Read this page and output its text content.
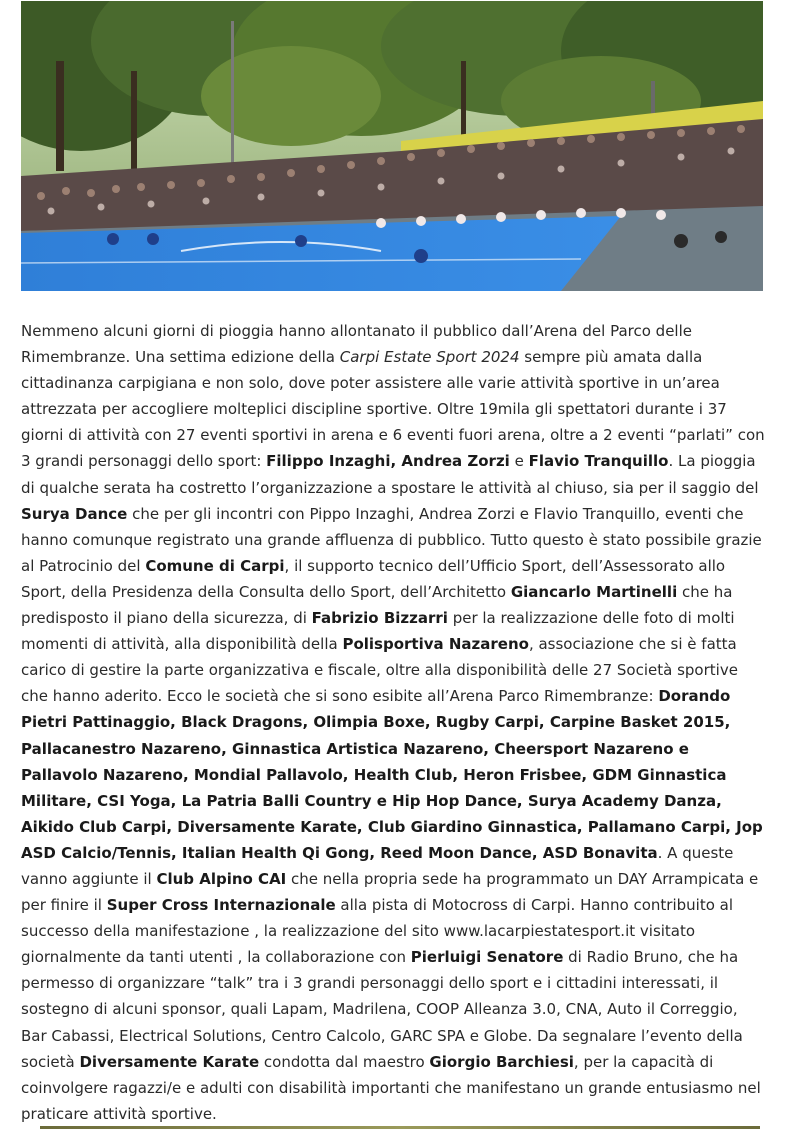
Nemmeno alcuni giorni di pioggia hanno allontanato il pubblico dall’Arena del Parco delle Rimembranze. Una settima edizione della Carpi Estate Sport 2024 sempre più amata dalla cittadinanza carpigiana e non solo, dove poter assistere alle varie attività sportive in un’area attrezzata per accogliere molteplici discipline sportive. Oltre 19mila gli spettatori durante i 37 giorni di attività con 27 eventi sportivi in arena e 6 eventi fuori arena, oltre a 2 eventi “parlati” con 3 grandi personaggi dello sport: Filippo Inzaghi, Andrea Zorzi e Flavio Tranquillo. La pioggia di qualche serata ha costretto l’organizzazione a spostare le attività al chiuso, sia per il saggio del Surya Dance che per gli incontri con Pippo Inzaghi, Andrea Zorzi e Flavio Tranquillo, eventi che hanno comunque registrato una grande affluenza di pubblico. Tutto questo è stato possibile grazie al Patrocinio del Comune di Carpi, il supporto tecnico dell’Ufficio Sport, dell’Assessorato allo Sport, della Presidenza della Consulta dello Sport, dell’Architetto Giancarlo Martinelli che ha predisposto il piano della sicurezza, di Fabrizio Bizzarri per la realizzazione delle foto di molti momenti di attività, alla disponibilità della Polisportiva Nazareno, associazione che si è fatta carico di gestire la parte organizzativa e fiscale, oltre alla disponibilità delle 27 Società sportive che hanno aderito. Ecco le società che si sono esibite all’Arena Parco Rimembranze: Dorando Pietri Pattinaggio, Black Dragons, Olimpia Boxe, Rugby Carpi, Carpine Basket 2015, Pallacanestro Nazareno, Ginnastica Artistica Nazareno, Cheersport Nazareno e Pallavolo Nazareno, Mondial Pallavolo, Health Club, Heron Frisbee, GDM Ginnastica Militare, CSI Yoga, La Patria Balli Country e Hip Hop Dance, Surya Academy Danza, Aikido Club Carpi, Diversamente Karate, Club Giardino Ginnastica, Pallamano Carpi, Jop ASD Calcio/Tennis, Italian Health Qi Gong, Reed Moon Dance, ASD Bonavita. A queste vanno aggiunte il Club Alpino CAI che nella propria sede ha programmato un DAY Arrampicata e per finire il Super Cross Internazionale alla pista di Motocross di Carpi. Hanno contribuito al successo della manifestazione , la realizzazione del sito www.lacarpiestatesport.it visitato giornalmente da tanti utenti , la collaborazione con Pierluigi Senatore di Radio Bruno, che ha permesso di organizzare “talk” tra i 3 grandi personaggi dello sport e i cittadini interessati, il sostegno di alcuni sponsor, quali Lapam, Madrilena, COOP Alleanza 3.0, CNA, Auto il Correggio, Bar Cabassi, Electrical Solutions, Centro Calcolo, GARC SPA e Globe. Da segnalare l’evento della società Diversamente Karate condotta dal maestro Giorgio Barchiesi, per la capacità di coinvolgere ragazzi/e e adulti con disabilità importanti che manifestano un grande entusiasmo nel praticare attività sportive.
